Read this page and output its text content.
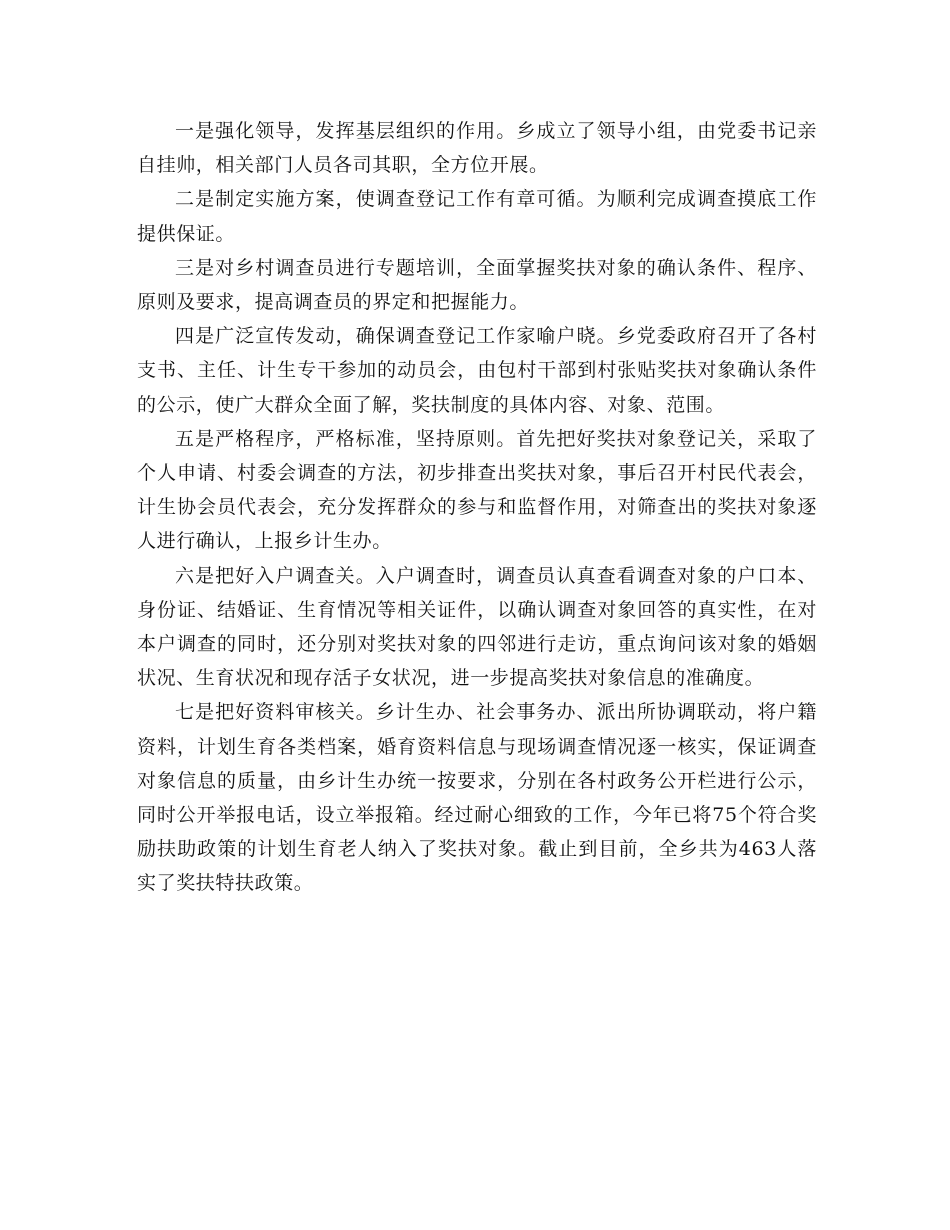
一是强化领导，发挥基层组织的作用。乡成立了领导小组，由党委书记亲自挂帅，相关部门人员各司其职，全方位开展。

二是制定实施方案，使调查登记工作有章可循。为顺利完成调查摸底工作提供保证。

三是对乡村调查员进行专题培训，全面掌握奖扶对象的确认条件、程序、原则及要求，提高调查员的界定和把握能力。

四是广泛宣传发动，确保调查登记工作家喻户晓。乡党委政府召开了各村支书、主任、计生专干参加的动员会，由包村干部到村张贴奖扶对象确认条件的公示，使广大群众全面了解，奖扶制度的具体内容、对象、范围。

五是严格程序，严格标准，坚持原则。首先把好奖扶对象登记关，采取了个人申请、村委会调查的方法，初步排查出奖扶对象，事后召开村民代表会，计生协会员代表会，充分发挥群众的参与和监督作用，对筛查出的奖扶对象逐人进行确认，上报乡计生办。

六是把好入户调查关。入户调查时，调查员认真查看调查对象的户口本、身份证、结婚证、生育情况等相关证件，以确认调查对象回答的真实性，在对本户调查的同时，还分别对奖扶对象的四邻进行走访，重点询问该对象的婚姻状况、生育状况和现存活子女状况，进一步提高奖扶对象信息的准确度。

七是把好资料审核关。乡计生办、社会事务办、派出所协调联动，将户籍资料，计划生育各类档案，婚育资料信息与现场调查情况逐一核实，保证调查对象信息的质量，由乡计生办统一按要求，分别在各村政务公开栏进行公示，同时公开举报电话，设立举报箱。经过耐心细致的工作，今年已将75个符合奖励扶助政策的计划生育老人纳入了奖扶对象。截止到目前，全乡共为463人落实了奖扶特扶政策。
